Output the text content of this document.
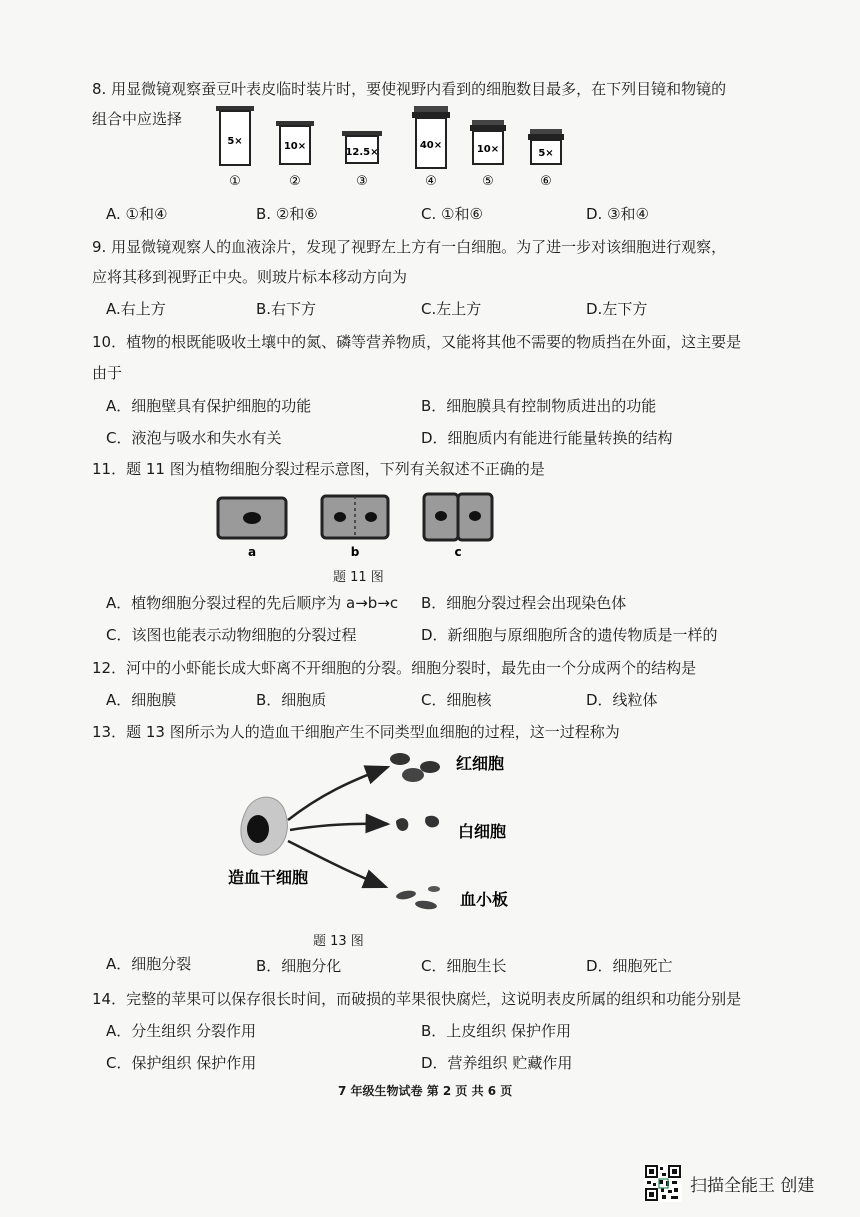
8. 用显微镜观察蚕豆叶表皮临时装片时，要使视野内看到的细胞数目最多，在下列目镜和物镜的
组合中应选择
5×
①
10×
②
12.5×
③
40×
④
10×
⑤
5×
⑥
A. ①和④	B. ②和⑥	C. ①和⑥	D. ③和④
9. 用显微镜观察人的血液涂片，发现了视野左上方有一白细胞。为了进一步对该细胞进行观察，
应将其移到视野正中央。则玻片标本移动方向为
A.右上方	B.右下方	C.左上方	D.左下方
10．植物的根既能吸收土壤中的氮、磷等营养物质，又能将其他不需要的物质挡在外面，这主要是
由于
A．细胞壁具有保护细胞的功能	B．细胞膜具有控制物质进出的功能
C．液泡与吸水和失水有关	D．细胞质内有能进行能量转换的结构
11．题 11 图为植物细胞分裂过程示意图，下列有关叙述不正确的是
a	b	c
题 11 图
A．植物细胞分裂过程的先后顺序为 a→b→c B．细胞分裂过程会出现染色体
C．该图也能表示动物细胞的分裂过程	D．新细胞与原细胞所含的遗传物质是一样的
12．河中的小虾能长成大虾离不开细胞的分裂。细胞分裂时，最先由一个分成两个的结构是
A．细胞膜	B．细胞质	C．细胞核	D．线粒体
13．题 13 图所示为人的造血干细胞产生不同类型血细胞的过程，这一过程称为
红细胞
白细胞
血小板
造血干细胞
题 13 图
A．细胞分裂	B．细胞分化	C．细胞生长	D．细胞死亡
14．完整的苹果可以保存很长时间，而破损的苹果很快腐烂，这说明表皮所属的组织和功能分别是
A．分生组织 分裂作用	B．上皮组织 保护作用
C．保护组织 保护作用	D．营养组织 贮藏作用
7 年级生物试卷 第 2 页 共 6 页
扫描全能王 创建
